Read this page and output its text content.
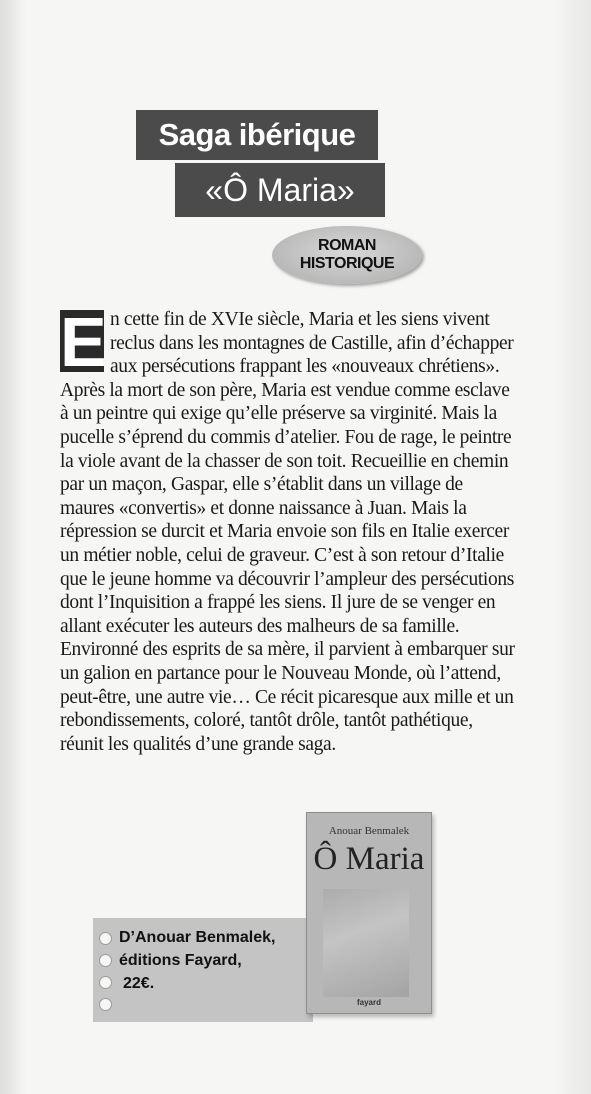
Saga ibérique
«Ô Maria»
ROMAN
HISTORIQUE
E n cette fin de XVIe siècle, Maria et les siens vivent reclus dans les montagnes de Castille, afin d’échapper aux persécutions frappant les «nouveaux chrétiens». Après la mort de son père, Maria est vendue comme esclave à un peintre qui exige qu’elle préserve sa virginité. Mais la pucelle s’éprend du commis d’atelier. Fou de rage, le peintre la viole avant de la chasser de son toit. Recueillie en chemin par un maçon, Gaspar, elle s’établit dans un village de maures «convertis» et donne naissance à Juan. Mais la répression se durcit et Maria envoie son fils en Italie exercer un métier noble, celui de graveur. C’est à son retour d’Italie que le jeune homme va découvrir l’ampleur des persécutions dont l’Inquisition a frappé les siens. Il jure de se venger en allant exécuter les auteurs des malheurs de sa famille. Environné des esprits de sa mère, il parvient à embarquer sur un galion en partance pour le Nouveau Monde, où l’attend, peut-être, une autre vie… Ce récit picaresque aux mille et un rebondissements, coloré, tantôt drôle, tantôt pathétique, réunit les qualités d’une grande saga.
D’Anouar Benmalek,
éditions Fayard,
22€.
Anouar Benmalek
Ô Maria
fayard
